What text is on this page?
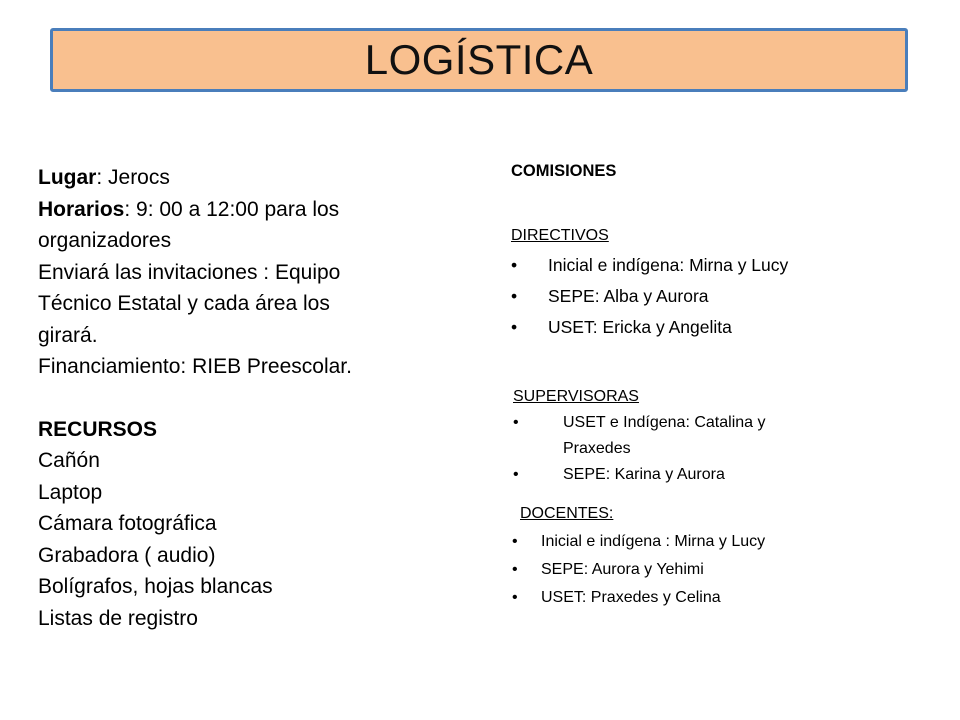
LOGÍSTICA
Lugar: Jerocs
Horarios: 9: 00 a 12:00 para los
organizadores
Enviará las invitaciones : Equipo
Técnico Estatal y cada área los
girará.
Financiamiento: RIEB Preescolar.
RECURSOS
Cañón
Laptop
Cámara fotográfica
Grabadora ( audio)
Bolígrafos, hojas blancas
Listas de registro
COMISIONES
DIRECTIVOS
• Inicial e indígena: Mirna y Lucy
• SEPE: Alba y Aurora
• USET: Ericka y Angelita
SUPERVISORAS
• USET e Indígena: Catalina y
Praxedes
• SEPE: Karina y Aurora
DOCENTES:
• Inicial e indígena : Mirna y Lucy
• SEPE: Aurora y Yehimi
• USET: Praxedes y Celina
